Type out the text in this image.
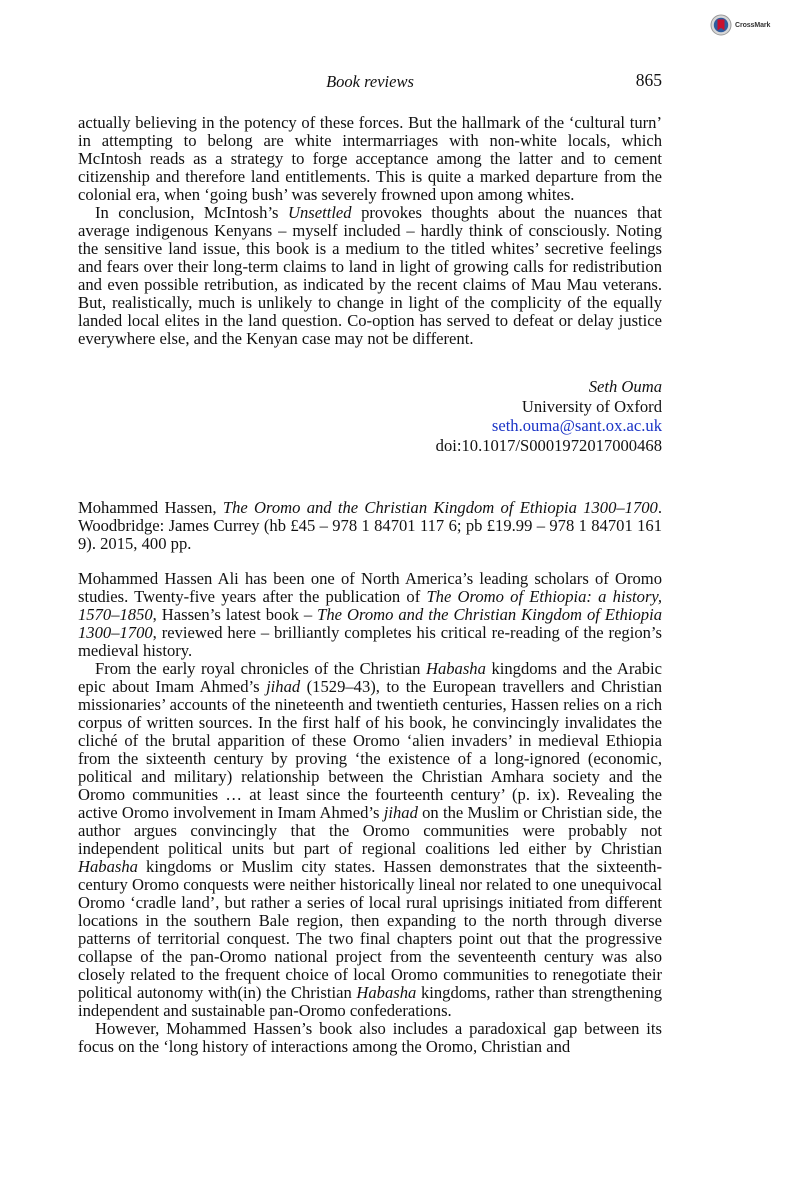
CrossMark
Book reviews	865

actually believing in the potency of these forces. But the hallmark of the ‘cultural turn’ in attempting to belong are white intermarriages with non-white locals, which McIntosh reads as a strategy to forge acceptance among the latter and to cement citizenship and therefore land entitlements. This is quite a marked departure from the colonial era, when ‘going bush’ was severely frowned upon among whites.

In conclusion, McIntosh’s Unsettled provokes thoughts about the nuances that average indigenous Kenyans – myself included – hardly think of consciously. Noting the sensitive land issue, this book is a medium to the titled whites’ secretive feelings and fears over their long-term claims to land in light of growing calls for redistribution and even possible retribution, as indicated by the recent claims of Mau Mau veterans. But, realistically, much is unlikely to change in light of the complicity of the equally landed local elites in the land question. Co-option has served to defeat or delay justice everywhere else, and the Kenyan case may not be different.

Seth Ouma
University of Oxford
seth.ouma@sant.ox.ac.uk
doi:10.1017/S0001972017000468
Mohammed Hassen, The Oromo and the Christian Kingdom of Ethiopia 1300–1700. Woodbridge: James Currey (hb £45 – 978 1 84701 117 6; pb £19.99 – 978 1 84701 161 9). 2015, 400 pp.

Mohammed Hassen Ali has been one of North America’s leading scholars of Oromo studies. Twenty-five years after the publication of The Oromo of Ethiopia: a history, 1570–1850, Hassen’s latest book – The Oromo and the Christian Kingdom of Ethiopia 1300–1700, reviewed here – brilliantly completes his critical re-reading of the region’s medieval history.

From the early royal chronicles of the Christian Habasha kingdoms and the Arabic epic about Imam Ahmed’s jihad (1529–43), to the European travellers and Christian missionaries’ accounts of the nineteenth and twentieth centuries, Hassen relies on a rich corpus of written sources. In the first half of his book, he convincingly invalidates the cliché of the brutal apparition of these Oromo ‘alien invaders’ in medieval Ethiopia from the sixteenth century by proving ‘the existence of a long-ignored (economic, political and military) relationship between the Christian Amhara society and the Oromo communities … at least since the fourteenth century’ (p. ix). Revealing the active Oromo involvement in Imam Ahmed’s jihad on the Muslim or Christian side, the author argues convincingly that the Oromo communities were probably not independent political units but part of regional coalitions led either by Christian Habasha kingdoms or Muslim city states. Hassen demonstrates that the sixteenth-century Oromo conquests were neither historically lineal nor related to one unequivocal Oromo ‘cradle land’, but rather a series of local rural uprisings initiated from different locations in the southern Bale region, then expanding to the north through diverse patterns of territorial conquest. The two final chapters point out that the progressive collapse of the pan-Oromo national project from the seventeenth century was also closely related to the frequent choice of local Oromo communities to renegotiate their political autonomy with(in) the Christian Habasha kingdoms, rather than strengthening independent and sustainable pan-Oromo confederations.

However, Mohammed Hassen’s book also includes a paradoxical gap between its focus on the ‘long history of interactions among the Oromo, Christian and
